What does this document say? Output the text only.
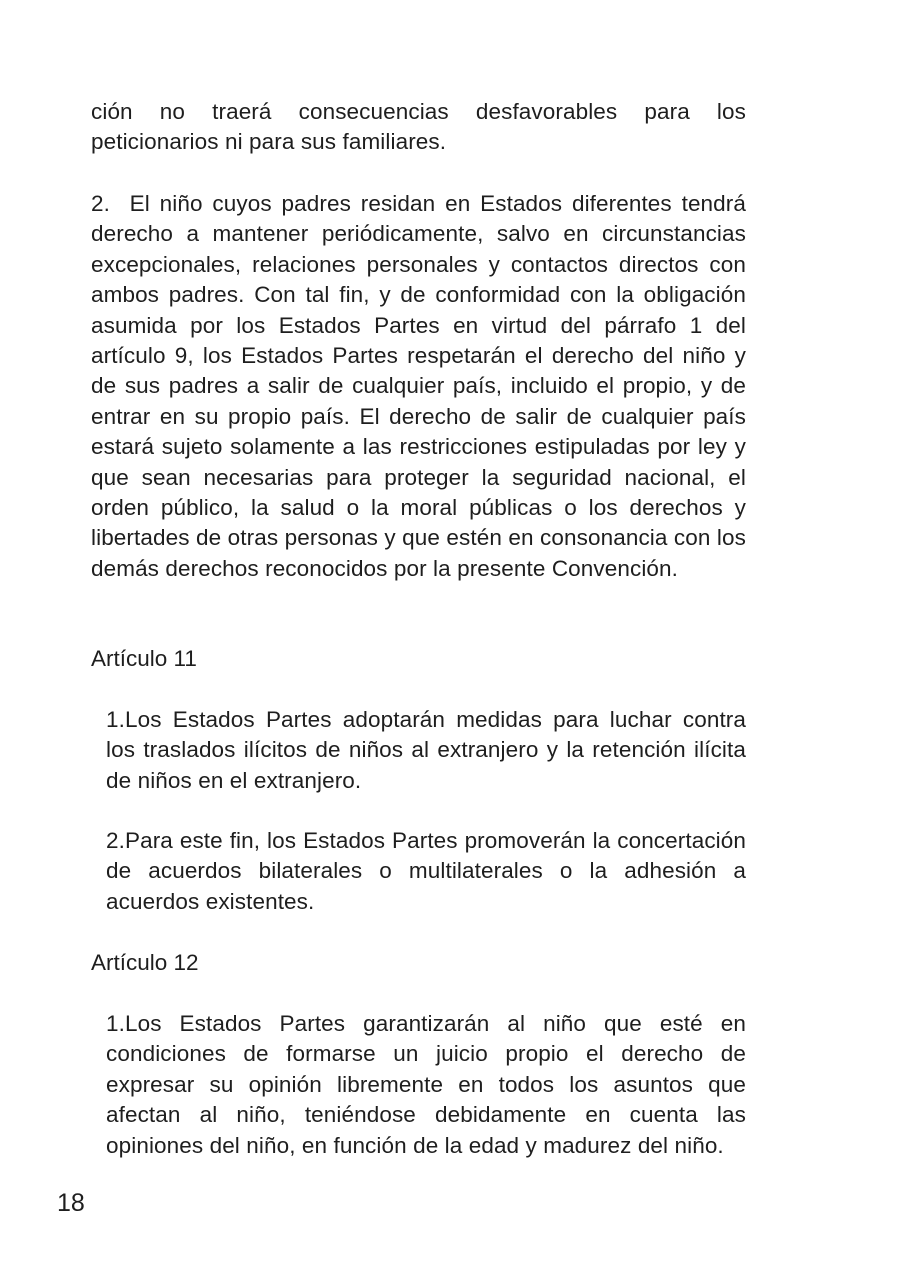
ción no traerá consecuencias desfavorables para los peticionarios ni para sus familiares.

2. El niño cuyos padres residan en Estados diferentes tendrá derecho a mantener periódicamente, salvo en circunstancias excepcionales, relaciones personales y contactos directos con ambos padres. Con tal fin, y de conformidad con la obligación asumida por los Estados Partes en virtud del párrafo 1 del artículo 9, los Estados Partes respetarán el derecho del niño y de sus padres a salir de cualquier país, incluido el propio, y de entrar en su propio país. El derecho de salir de cualquier país estará sujeto solamente a las restricciones estipuladas por ley y que sean necesarias para proteger la seguridad nacional, el orden público, la salud o la moral públicas o los derechos y libertades de otras personas y que estén en consonancia con los demás derechos reconocidos por la presente Convención.

Artículo 11

1.Los Estados Partes adoptarán medidas para luchar contra los traslados ilícitos de niños al extranjero y la retención ilícita de niños en el extranjero.

2.Para este fin, los Estados Partes promoverán la concertación de acuerdos bilaterales o multilaterales o la adhesión a acuerdos existentes.

Artículo 12

1.Los Estados Partes garantizarán al niño que esté en condiciones de formarse un juicio propio el derecho de expresar su opinión libremente en todos los asuntos que afectan al niño, teniéndose debidamente en cuenta las opiniones del niño, en función de la edad y madurez del niño.

18
